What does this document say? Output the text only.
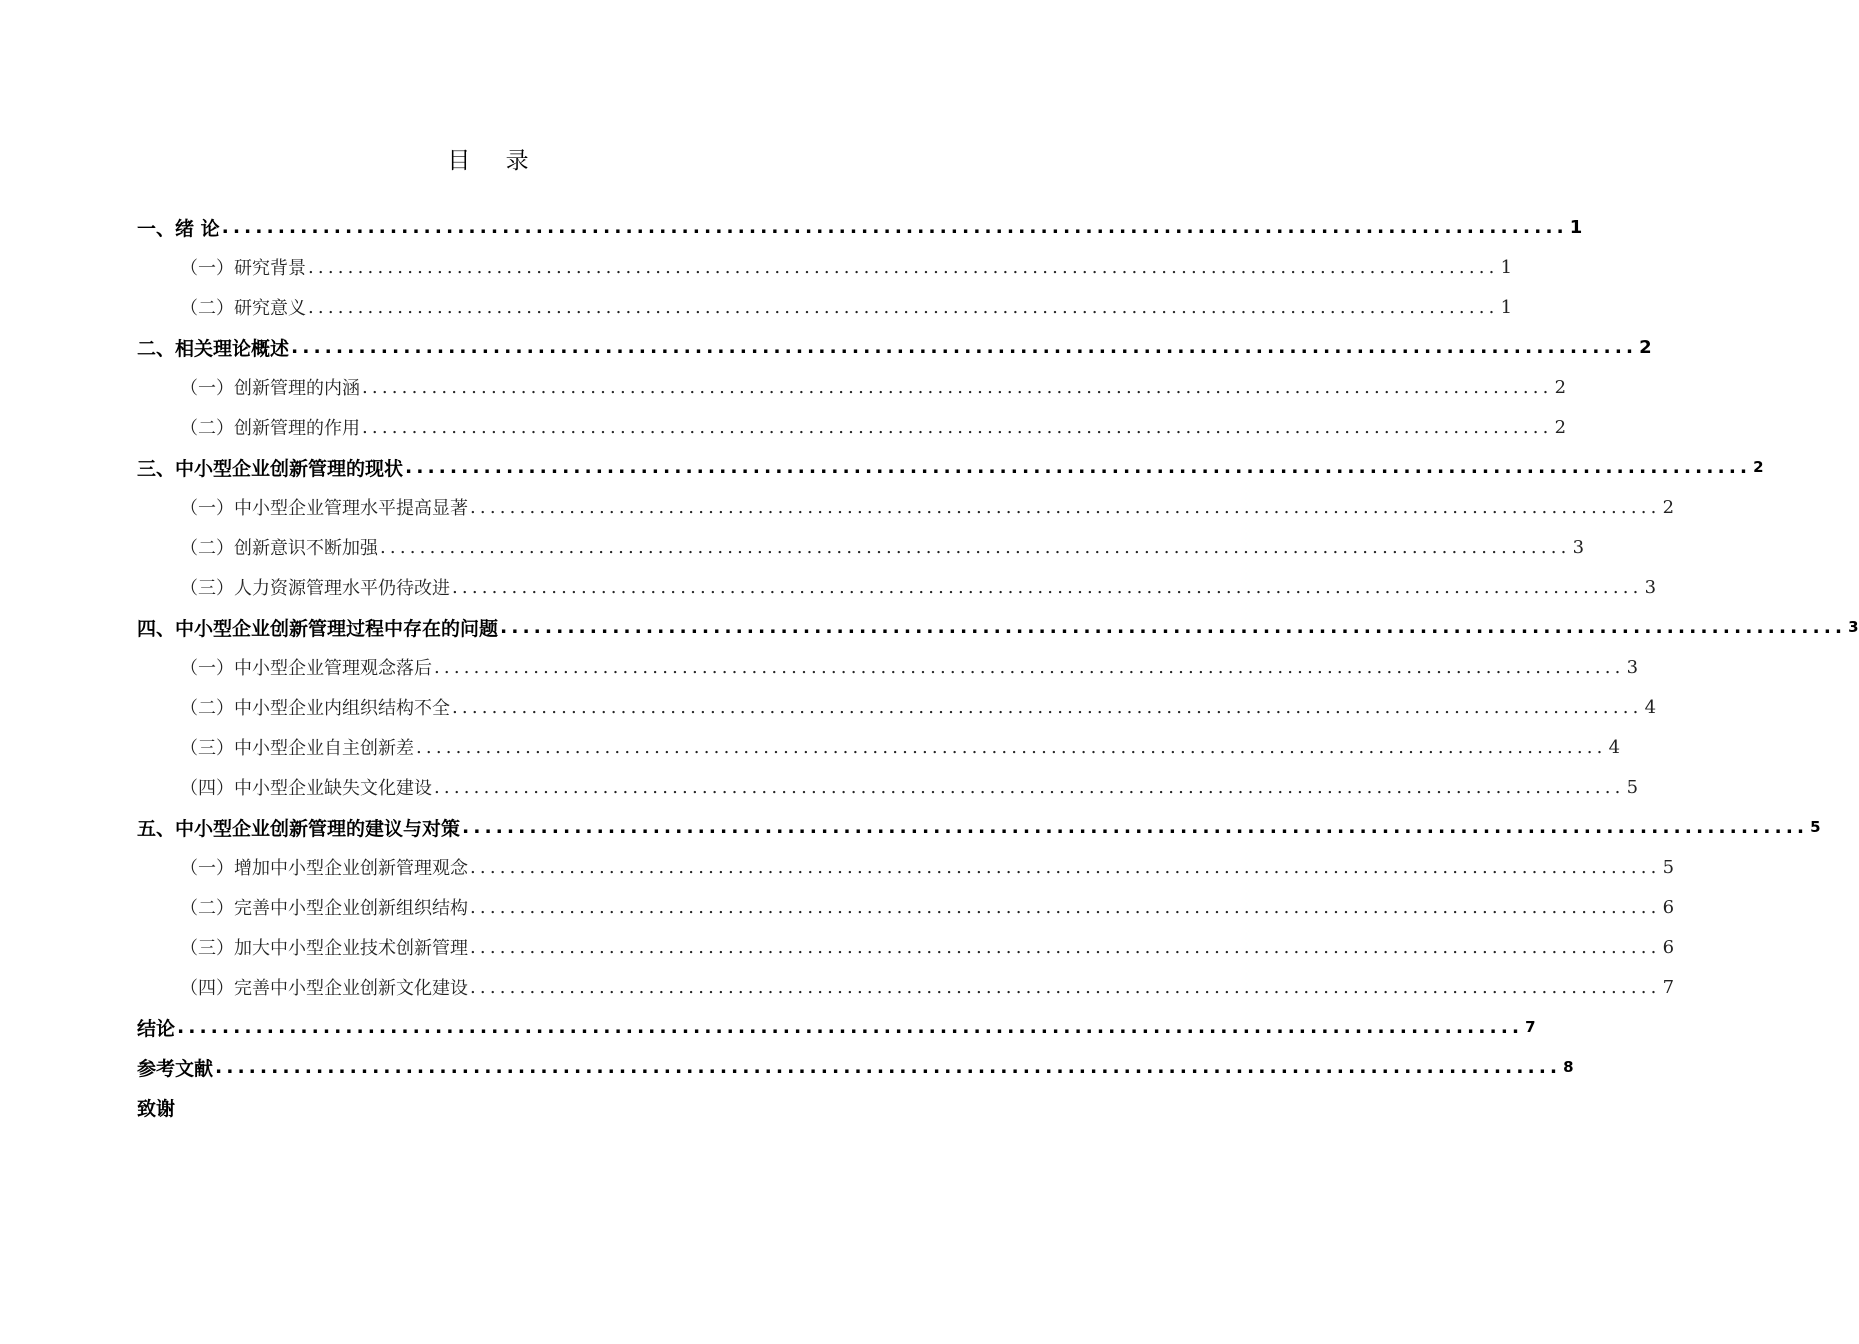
目 录
一、绪 论 ........................................................................................................................ 1
（一）研究背景 ........................................................................................................................ 1
（二）研究意义 ........................................................................................................................ 1
二、相关理论概述 ........................................................................................................................ 2
（一）创新管理的内涵 ........................................................................................................................ 2
（二）创新管理的作用 ........................................................................................................................ 2
三、中小型企业创新管理的现状 ........................................................................................................................ 2
（一）中小型企业管理水平提高显著 ........................................................................................................................ 2
（二）创新意识不断加强 ........................................................................................................................ 3
（三）人力资源管理水平仍待改进 ........................................................................................................................ 3
四、中小型企业创新管理过程中存在的问题 ........................................................................................................................ 3
（一）中小型企业管理观念落后 ........................................................................................................................ 3
（二）中小型企业内组织结构不全 ........................................................................................................................ 4
（三）中小型企业自主创新差 ........................................................................................................................ 4
（四）中小型企业缺失文化建设 ........................................................................................................................ 5
五、中小型企业创新管理的建议与对策 ........................................................................................................................ 5
（一）增加中小型企业创新管理观念 ........................................................................................................................ 5
（二）完善中小型企业创新组织结构 ........................................................................................................................ 6
（三）加大中小型企业技术创新管理 ........................................................................................................................ 6
（四）完善中小型企业创新文化建设 ........................................................................................................................ 7
结论 ........................................................................................................................ 7
参考文献 ........................................................................................................................ 8
致谢
